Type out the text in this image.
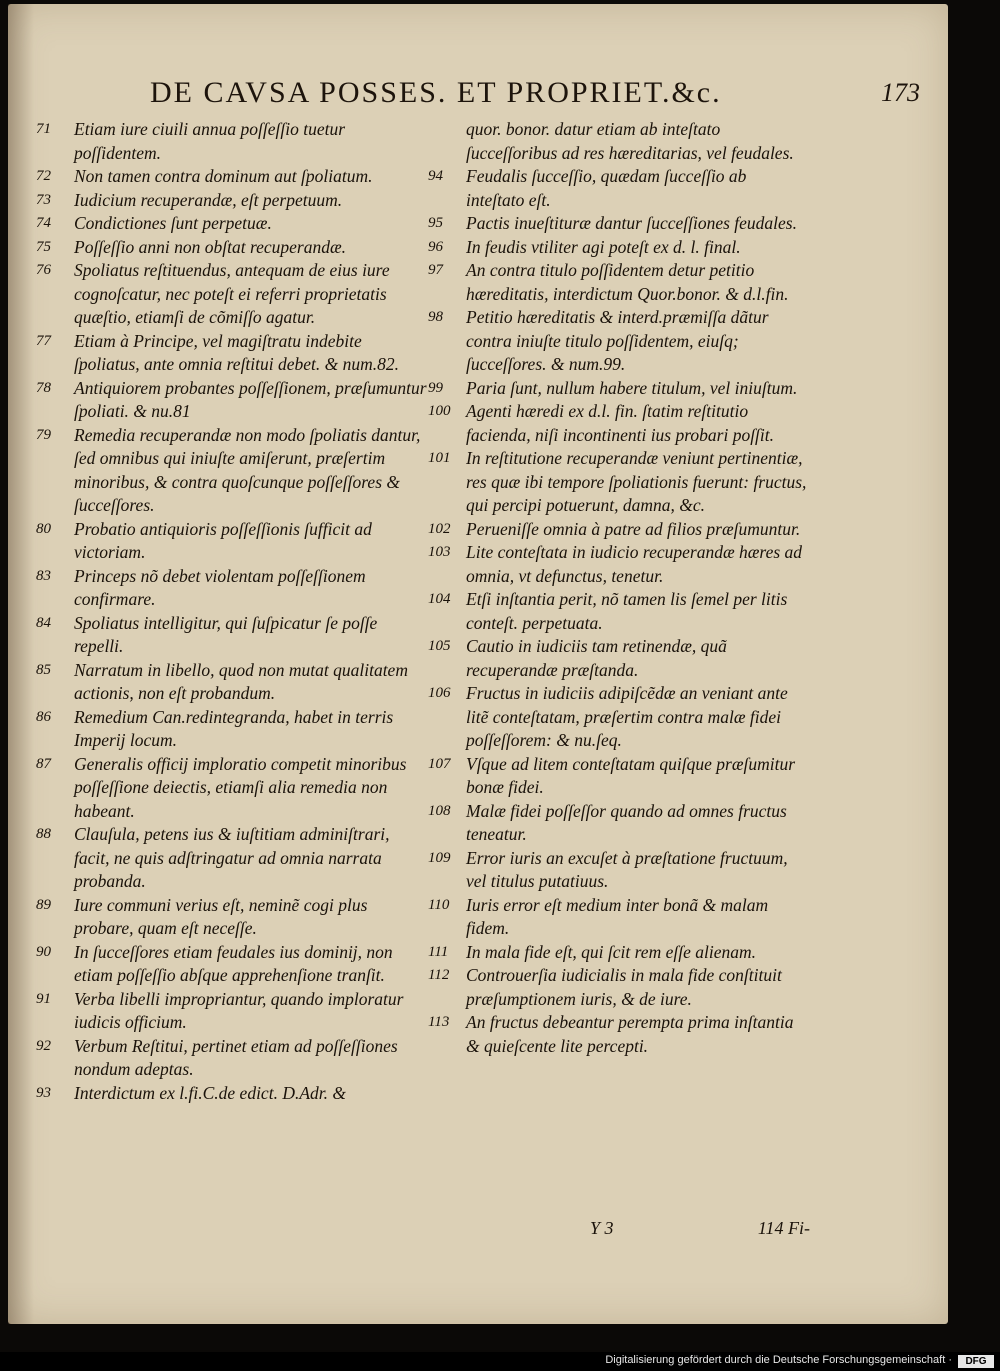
DE CAVSA POSSES. ET PROPRIET.&c.	173
71	Etiam iure ciuili annua poſſeſſio tuetur poſſidentem.
72	Non tamen contra dominum aut ſpoliatum.
73	Iudicium recuperandæ, eſt perpetuum.
74	Condictiones ſunt perpetuæ.
75	Poſſeſſio anni non obſtat recuperandæ.
76	Spoliatus reſtituendus, antequam de eius iure cognoſcatur, nec poteſt ei referri proprietatis quæſtio, etiamſi de cõmiſſo agatur.
77	Etiam à Principe, vel magiſtratu indebite ſpoliatus, ante omnia reſtitui debet. & num.82.
78	Antiquiorem probantes poſſeſſionem, præſumuntur ſpoliati. & nu.81
79	Remedia recuperandæ non modo ſpoliatis dantur, ſed omnibus qui iniuſte amiſerunt, præſertim minoribus, & contra quoſcunque poſſeſſores & ſucceſſores.
80	Probatio antiquioris poſſeſſionis ſufficit ad victoriam.
83	Princeps nõ debet violentam poſſeſſionem confirmare.
84	Spoliatus intelligitur, qui ſuſpicatur ſe poſſe repelli.
85	Narratum in libello, quod non mutat qualitatem actionis, non eſt probandum.
86	Remedium Can.redintegranda, habet in terris Imperij locum.
87	Generalis officij imploratio competit minoribus poſſeſſione deiectis, etiamſi alia remedia non habeant.
88	Clauſula, petens ius & iuſtitiam adminiſtrari, facit, ne quis adſtringatur ad omnia narrata probanda.
89	Iure communi verius eſt, neminẽ cogi plus probare, quam eſt neceſſe.
90	In ſucceſſores etiam feudales ius dominij, non etiam poſſeſſio abſque apprehenſione tranſit.
91	Verba libelli impropriantur, quando imploratur iudicis officium.
92	Verbum Reſtitui, pertinet etiam ad poſſeſſiones nondum adeptas.
93	Interdictum ex l.fi.C.de edict. D.Adr. &
quor. bonor. datur etiam ab inteſtato ſucceſſoribus ad res hæreditarias, vel feudales.
94	Feudalis ſucceſſio, quædam ſucceſſio ab inteſtato eſt.
95	Pactis inueſtituræ dantur ſucceſſiones feudales.
96	In feudis vtiliter agi poteſt ex d. l. final.
97	An contra titulo poſſidentem detur petitio hæreditatis, interdictum Quor.bonor. & d.l.fin.
98	Petitio hæreditatis & interd.præmiſſa dãtur contra iniuſte titulo poſſidentem, eiuſq; ſucceſſores. & num.99.
99	Paria ſunt, nullum habere titulum, vel iniuſtum.
100 Agenti hæredi ex d.l. fin. ſtatim reſtitutio facienda, niſi incontinenti ius probari poſſit.
101 In reſtitutione recuperandæ veniunt pertinentiæ, res quæ ibi tempore ſpoliationis fuerunt: fructus, qui percipi potuerunt, damna, &c.
102 Perueniſſe omnia à patre ad filios præſumuntur.
103 Lite conteſtata in iudicio recuperandæ hæres ad omnia, vt defunctus, tenetur.
104 Etſi inſtantia perit, nõ tamen lis ſemel per litis conteſt. perpetuata.
105 Cautio in iudiciis tam retinendæ, quã recuperandæ præſtanda.
106 Fructus in iudiciis adipiſcẽdæ an veniant ante litẽ conteſtatam, præſertim contra malæ fidei poſſeſſorem: & nu.ſeq.
107 Vſque ad litem conteſtatam quiſque præſumitur bonæ fidei.
108 Malæ fidei poſſeſſor quando ad omnes fructus teneatur.
109 Error iuris an excuſet à præſtatione fructuum, vel titulus putatiuus.
110 Iuris error eſt medium inter bonã & malam fidem.
111	In mala fide eſt, qui ſcit rem eſſe alienam.
112 Controuerſia iudicialis in mala fide conſtituit præſumptionem iuris, & de iure.
113 An fructus debeantur perempta prima inſtantia & quieſcente lite percepti.
Y 3	114 Fi-
Digitalisierung gefördert durch die Deutsche Forschungsgemeinschaft ·	DFG
